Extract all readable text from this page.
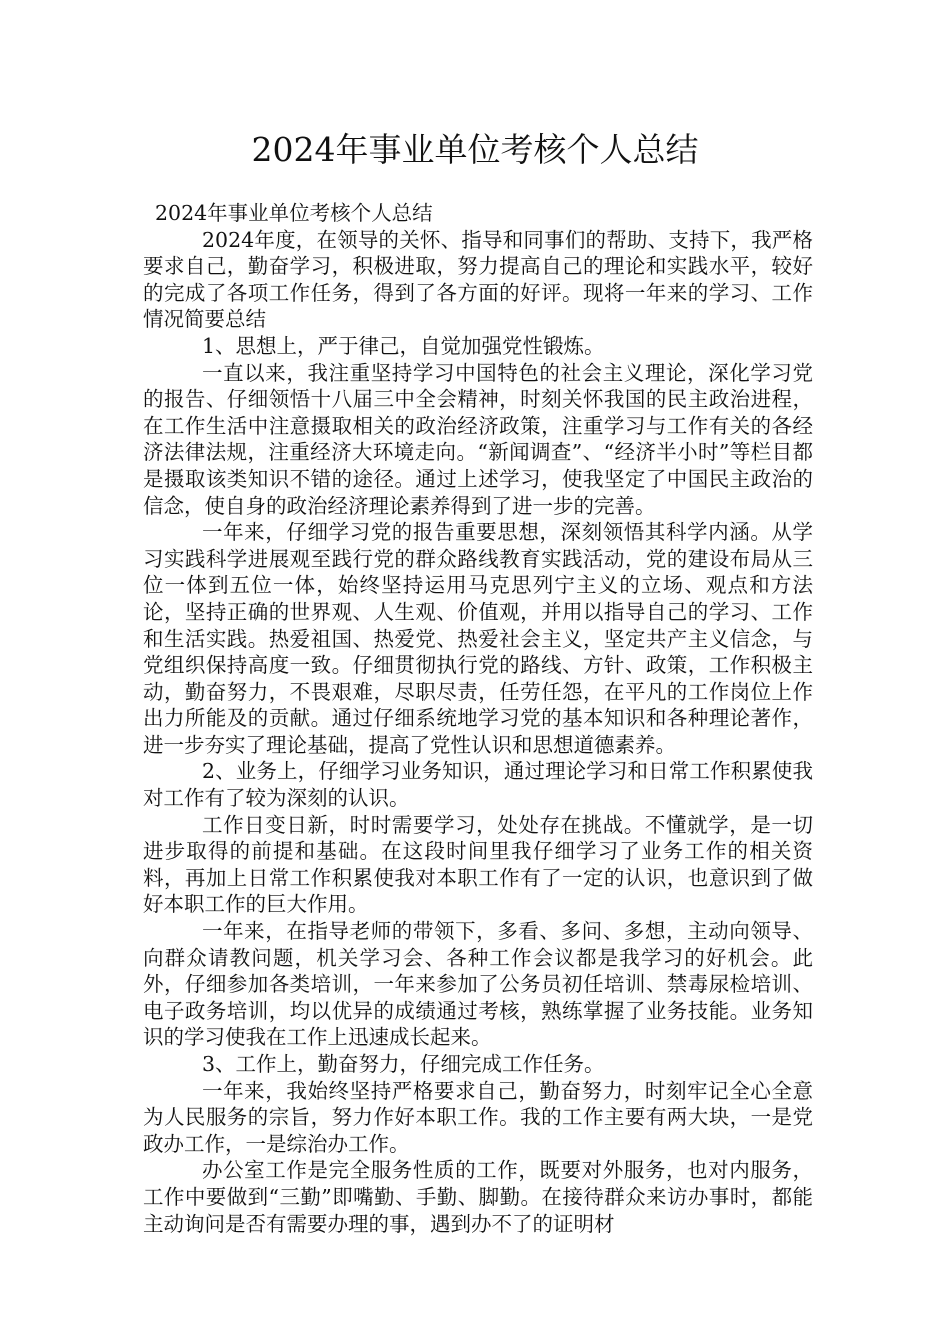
2024年事业单位考核个人总结

2024年事业单位考核个人总结

2024年度，在领导的关怀、指导和同事们的帮助、支持下，我严格要求自己，勤奋学习，积极进取，努力提高自己的理论和实践水平，较好的完成了各项工作任务，得到了各方面的好评。现将一年来的学习、工作情况简要总结

1、思想上，严于律己，自觉加强党性锻炼。

一直以来，我注重坚持学习中国特色的社会主义理论，深化学习党的报告、仔细领悟十八届三中全会精神，时刻关怀我国的民主政治进程，在工作生活中注意摄取相关的政治经济政策，注重学习与工作有关的各经济法律法规，注重经济大环境走向。“新闻调查”、“经济半小时”等栏目都是摄取该类知识不错的途径。通过上述学习，使我坚定了中国民主政治的信念，使自身的政治经济理论素养得到了进一步的完善。

一年来，仔细学习党的报告重要思想，深刻领悟其科学内涵。从学习实践科学进展观至践行党的群众路线教育实践活动，党的建设布局从三位一体到五位一体，始终坚持运用马克思列宁主义的立场、观点和方法论，坚持正确的世界观、人生观、价值观，并用以指导自己的学习、工作和生活实践。热爱祖国、热爱党、热爱社会主义，坚定共产主义信念，与党组织保持高度一致。仔细贯彻执行党的路线、方针、政策，工作积极主动，勤奋努力，不畏艰难，尽职尽责，任劳任怨，在平凡的工作岗位上作出力所能及的贡献。通过仔细系统地学习党的基本知识和各种理论著作，进一步夯实了理论基础，提高了党性认识和思想道德素养。

2、业务上，仔细学习业务知识，通过理论学习和日常工作积累使我对工作有了较为深刻的认识。

工作日变日新，时时需要学习，处处存在挑战。不懂就学，是一切进步取得的前提和基础。在这段时间里我仔细学习了业务工作的相关资料，再加上日常工作积累使我对本职工作有了一定的认识，也意识到了做好本职工作的巨大作用。

一年来，在指导老师的带领下，多看、多问、多想，主动向领导、向群众请教问题，机关学习会、各种工作会议都是我学习的好机会。此外，仔细参加各类培训，一年来参加了公务员初任培训、禁毒尿检培训、电子政务培训，均以优异的成绩通过考核，熟练掌握了业务技能。业务知识的学习使我在工作上迅速成长起来。

3、工作上，勤奋努力，仔细完成工作任务。

一年来，我始终坚持严格要求自己，勤奋努力，时刻牢记全心全意为人民服务的宗旨，努力作好本职工作。我的工作主要有两大块，一是党政办工作，一是综治办工作。

办公室工作是完全服务性质的工作，既要对外服务，也对内服务，工作中要做到“三勤”即嘴勤、手勤、脚勤。在接待群众来访办事时，都能主动询问是否有需要办理的事，遇到办不了的证明材
